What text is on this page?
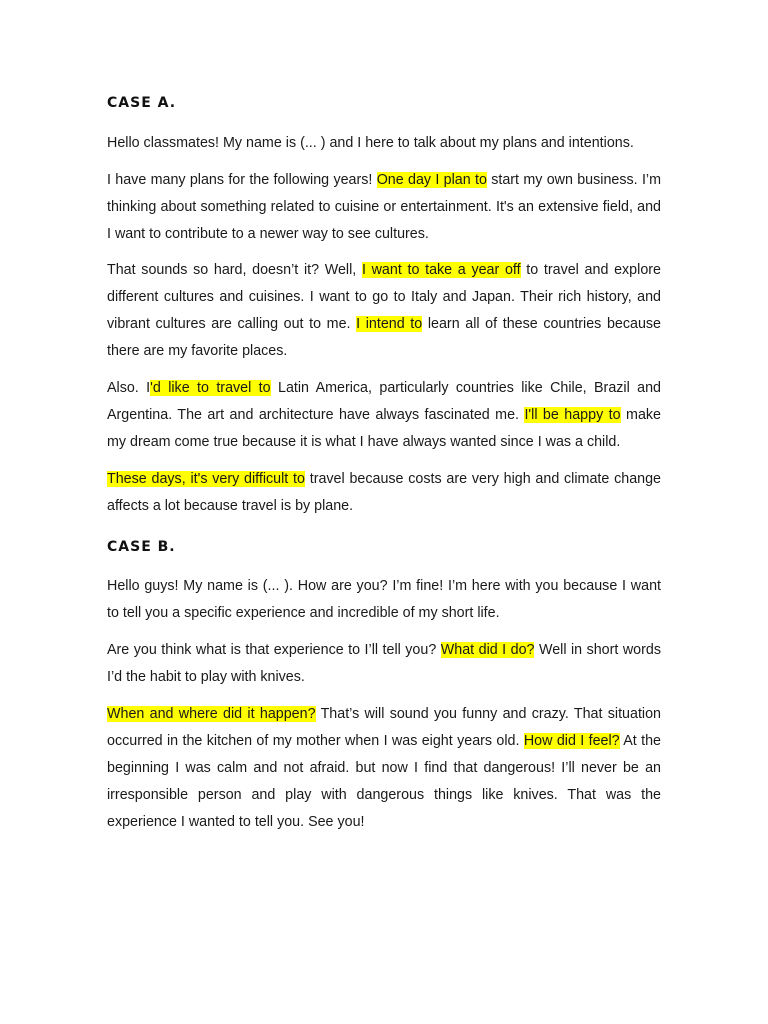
CASE A.

Hello classmates! My name is (... ) and I here to talk about my plans and intentions.

I have many plans for the following years! One day I plan to start my own business. I’m thinking about something related to cuisine or entertainment. It's an extensive field, and I want to contribute to a newer way to see cultures.

That sounds so hard, doesn’t it? Well, I want to take a year off to travel and explore different cultures and cuisines. I want to go to Italy and Japan. Their rich history, and vibrant cultures are calling out to me. I intend to learn all of these countries because there are my favorite places.

Also. I'd like to travel to Latin America, particularly countries like Chile, Brazil and Argentina. The art and architecture have always fascinated me. I'll be happy to make my dream come true because it is what I have always wanted since I was a child.

These days, it's very difficult to travel because costs are very high and climate change affects a lot because travel is by plane.

CASE B.

Hello guys! My name is (... ). How are you? I’m fine! I’m here with you because I want to tell you a specific experience and incredible of my short life.

Are you think what is that experience to I’ll tell you? What did I do? Well in short words I’d the habit to play with knives.

When and where did it happen? That’s will sound you funny and crazy. That situation occurred in the kitchen of my mother when I was eight years old. How did I feel? At the beginning I was calm and not afraid. but now I find that dangerous! I’ll never be an irresponsible person and play with dangerous things like knives. That was the experience I wanted to tell you. See you!
